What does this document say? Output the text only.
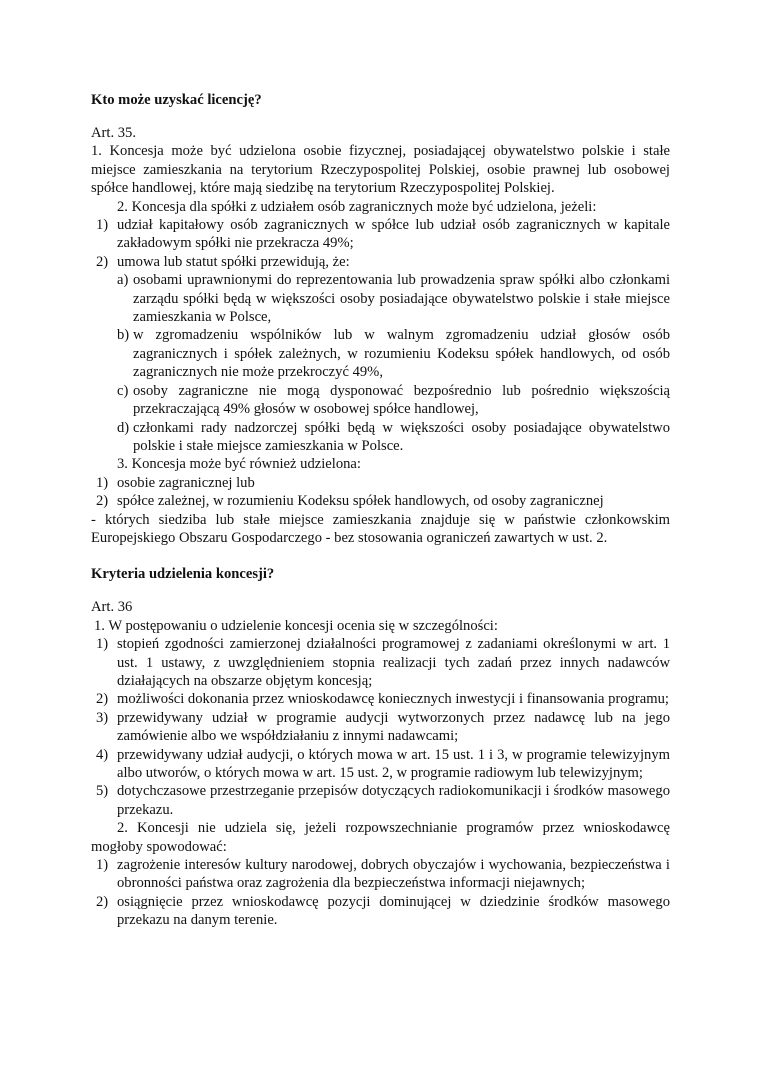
Kto może uzyskać licencję?

Art. 35.

1. Koncesja może być udzielona osobie fizycznej, posiadającej obywatelstwo polskie i stałe miejsce zamieszkania na terytorium Rzeczypospolitej Polskiej, osobie prawnej lub osobowej spółce handlowej, które mają siedzibę na terytorium Rzeczypospolitej Polskiej.

2. Koncesja dla spółki z udziałem osób zagranicznych może być udzielona, jeżeli:

1) udział kapitałowy osób zagranicznych w spółce lub udział osób zagranicznych w kapitale zakładowym spółki nie przekracza 49%;
2) umowa lub statut spółki przewidują, że:
a) osobami uprawnionymi do reprezentowania lub prowadzenia spraw spółki albo członkami zarządu spółki będą w większości osoby posiadające obywatelstwo polskie i stałe miejsce zamieszkania w Polsce,
b) w zgromadzeniu wspólników lub w walnym zgromadzeniu udział głosów osób zagranicznych i spółek zależnych, w rozumieniu Kodeksu spółek handlowych, od osób zagranicznych nie może przekroczyć 49%,
c) osoby zagraniczne nie mogą dysponować bezpośrednio lub pośrednio większością przekraczającą 49% głosów w osobowej spółce handlowej,
d) członkami rady nadzorczej spółki będą w większości osoby posiadające obywatelstwo polskie i stałe miejsce zamieszkania w Polsce.

3. Koncesja może być również udzielona:

1) osobie zagranicznej lub
2) spółce zależnej, w rozumieniu Kodeksu spółek handlowych, od osoby zagranicznej

- których siedziba lub stałe miejsce zamieszkania znajduje się w państwie członkowskim Europejskiego Obszaru Gospodarczego - bez stosowania ograniczeń zawartych w ust. 2.

Kryteria udzielenia koncesji?

Art. 36

1. W postępowaniu o udzielenie koncesji ocenia się w szczególności:

1) stopień zgodności zamierzonej działalności programowej z zadaniami określonymi w art. 1 ust. 1 ustawy, z uwzględnieniem stopnia realizacji tych zadań przez innych nadawców działających na obszarze objętym koncesją;
2) możliwości dokonania przez wnioskodawcę koniecznych inwestycji i finansowania programu;
3) przewidywany udział w programie audycji wytworzonych przez nadawcę lub na jego zamówienie albo we współdziałaniu z innymi nadawcami;
4) przewidywany udział audycji, o których mowa w art. 15 ust. 1 i 3, w programie telewizyjnym albo utworów, o których mowa w art. 15 ust. 2, w programie radiowym lub telewizyjnym;
5) dotychczasowe przestrzeganie przepisów dotyczących radiokomunikacji i środków masowego przekazu.

2. Koncesji nie udziela się, jeżeli rozpowszechnianie programów przez wnioskodawcę mogłoby spowodować:

1) zagrożenie interesów kultury narodowej, dobrych obyczajów i wychowania, bezpieczeństwa i obronności państwa oraz zagrożenia dla bezpieczeństwa informacji niejawnych;
2) osiągnięcie przez wnioskodawcę pozycji dominującej w dziedzinie środków masowego przekazu na danym terenie.
